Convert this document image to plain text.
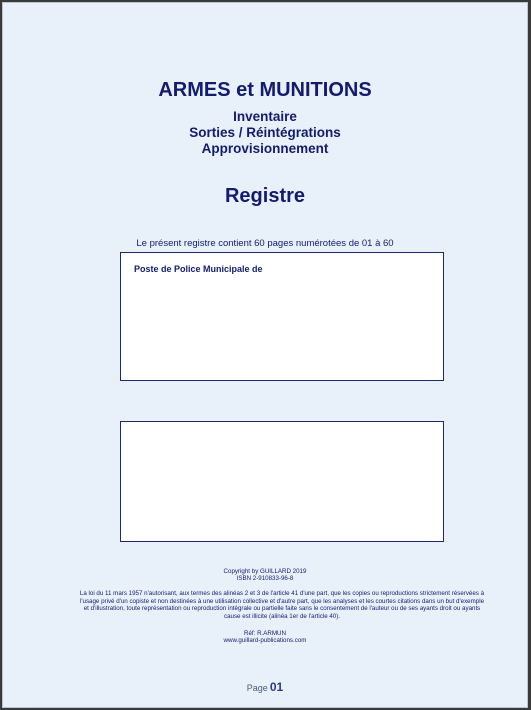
ARMES et MUNITIONS
Inventaire
Sorties / Réintégrations
Approvisionnement
Registre
Le présent registre contient 60 pages numérotées de 01 à 60
Poste de Police Municipale de
Copyright by GUILLARD 2019
ISBN 2-910833-96-8
La loi du 11 mars 1957 n'autorisant, aux termes des alinéas 2 et 3 de l'article 41 d'une part, que les copies ou reproductions strictement réservées à l'usage privé d'un copiste et non destinées à une utilisation collective et d'autre part, que les analyses et les courtes citations dans un but d'exemple et d'illustration, toute représentation ou reproduction intégrale ou partielle faite sans le consentement de l'auteur ou de ses ayants droit ou ayants cause est illicite (alinéa 1er de l'article 40).
Réf: R.ARMUN
www.guillard-publications.com
Page 01
